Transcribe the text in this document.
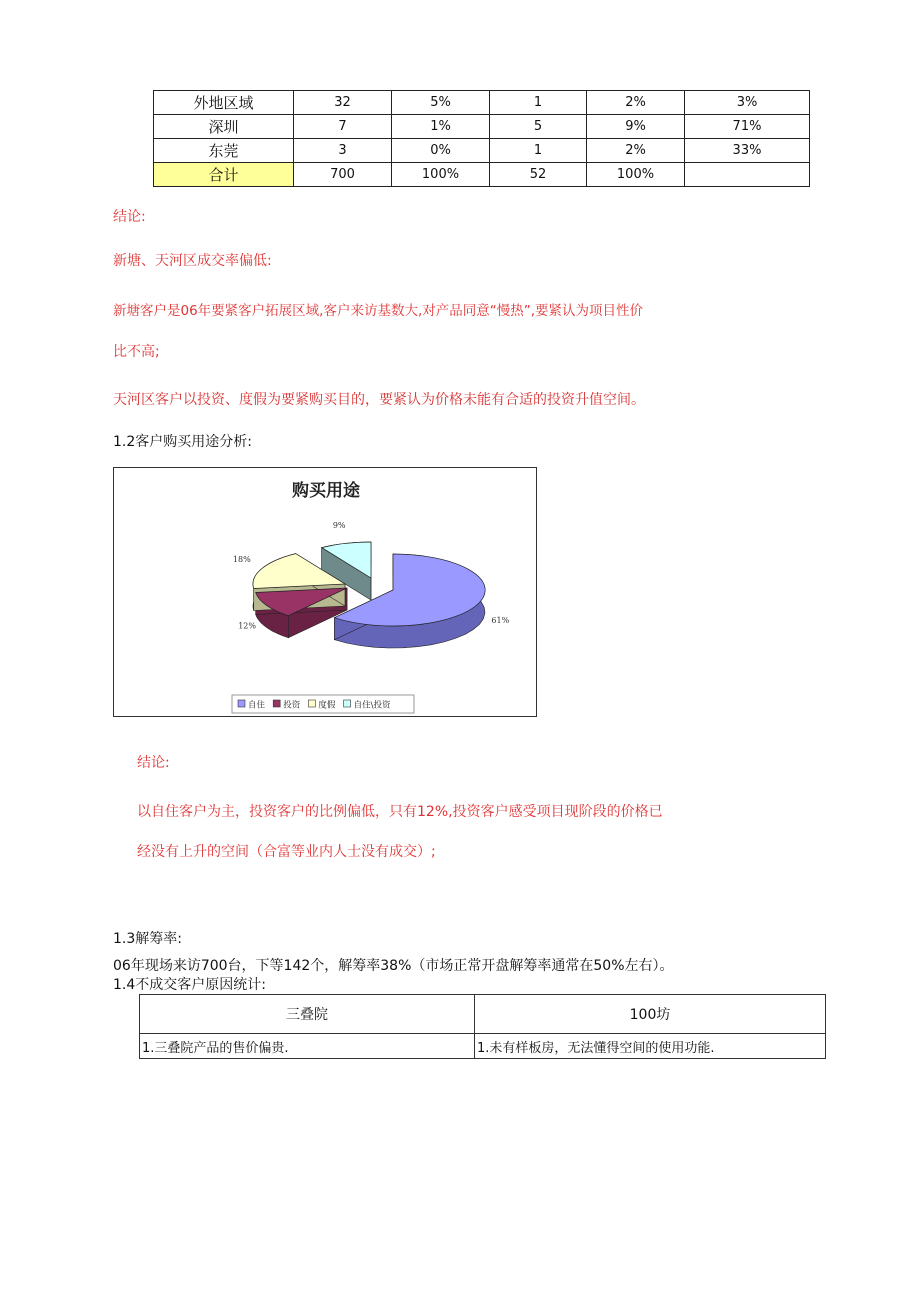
外地区域	32	5%	1	2%	3%
深圳	7	1%	5	9%	71%
东莞	3	0%	1	2%	33%
合计	700	100%	52	100%	
结论:
新塘、天河区成交率偏低:
新塘客户是06年要紧客户拓展区域,客户来访基数大,对产品同意“慢热”,要紧认为项目性价
比不高;
天河区客户以投资、度假为要紧购买目的，要紧认为价格未能有合适的投资升值空间。
1.2客户购买用途分析:
购买用途
61%
12%
18%
9%
自住 投资 度假 自住\投资
结论:
以自住客户为主，投资客户的比例偏低，只有12%,投资客户感受项目现阶段的价格已
经没有上升的空间（合富等业内人士没有成交）;
1.3解筹率:
06年现场来访700台，下等142个，解筹率38%（市场正常开盘解筹率通常在50%左右）。
1.4不成交客户原因统计:
三叠院	100坊
1.三叠院产品的售价偏贵.	1.未有样板房，无法懂得空间的使用功能.
